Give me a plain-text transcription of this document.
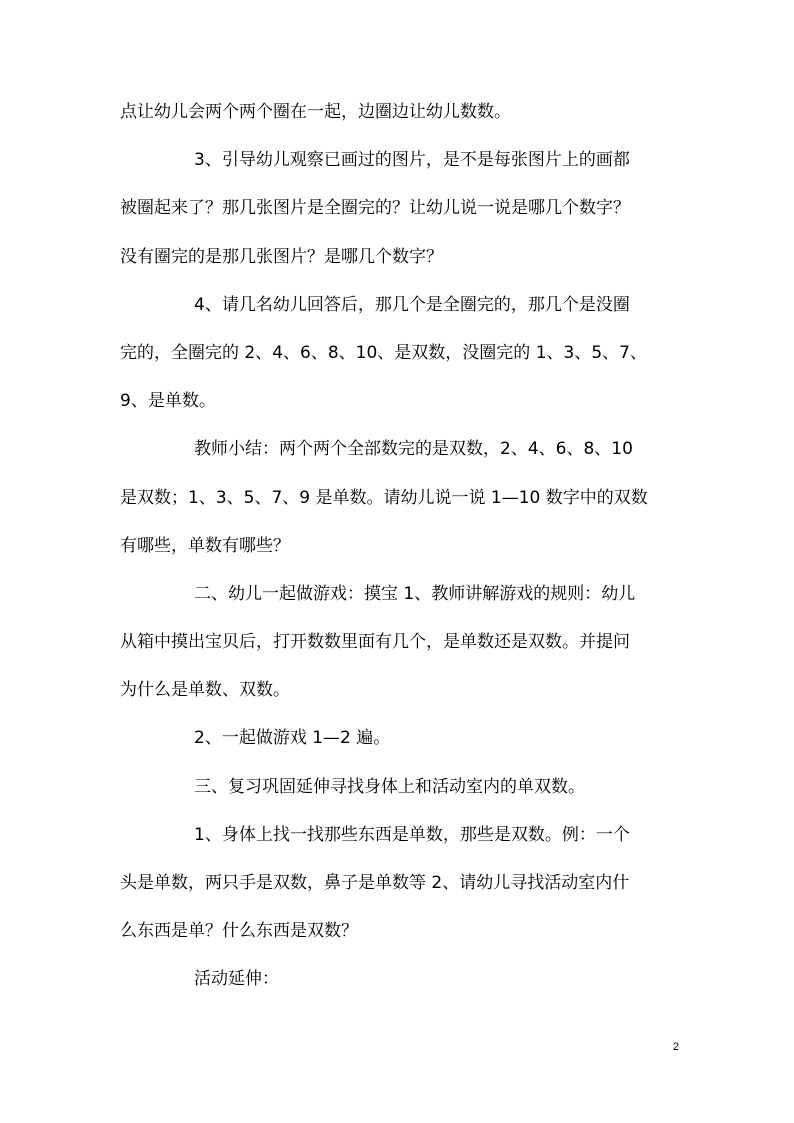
点让幼儿会两个两个圈在一起，边圈边让幼儿数数。
3、引导幼儿观察已画过的图片，是不是每张图片上的画都
被圈起来了？那几张图片是全圈完的？让幼儿说一说是哪几个数字？
没有圈完的是那几张图片？是哪几个数字？
4、请几名幼儿回答后，那几个是全圈完的，那几个是没圈
完的，全圈完的 2、4、6、8、10、是双数，没圈完的 1、3、5、7、
9、是单数。
教师小结：两个两个全部数完的是双数，2、4、6、8、10
是双数；1、3、5、7、9 是单数。请幼儿说一说 1—10 数字中的双数
有哪些，单数有哪些？
二、幼儿一起做游戏：摸宝 1、教师讲解游戏的规则：幼儿
从箱中摸出宝贝后，打开数数里面有几个，是单数还是双数。并提问
为什么是单数、双数。
2、一起做游戏 1—2 遍。
三、复习巩固延伸寻找身体上和活动室内的单双数。
1、身体上找一找那些东西是单数，那些是双数。例：一个
头是单数，两只手是双数，鼻子是单数等 2、请幼儿寻找活动室内什
么东西是单？什么东西是双数？
活动延伸：
2
